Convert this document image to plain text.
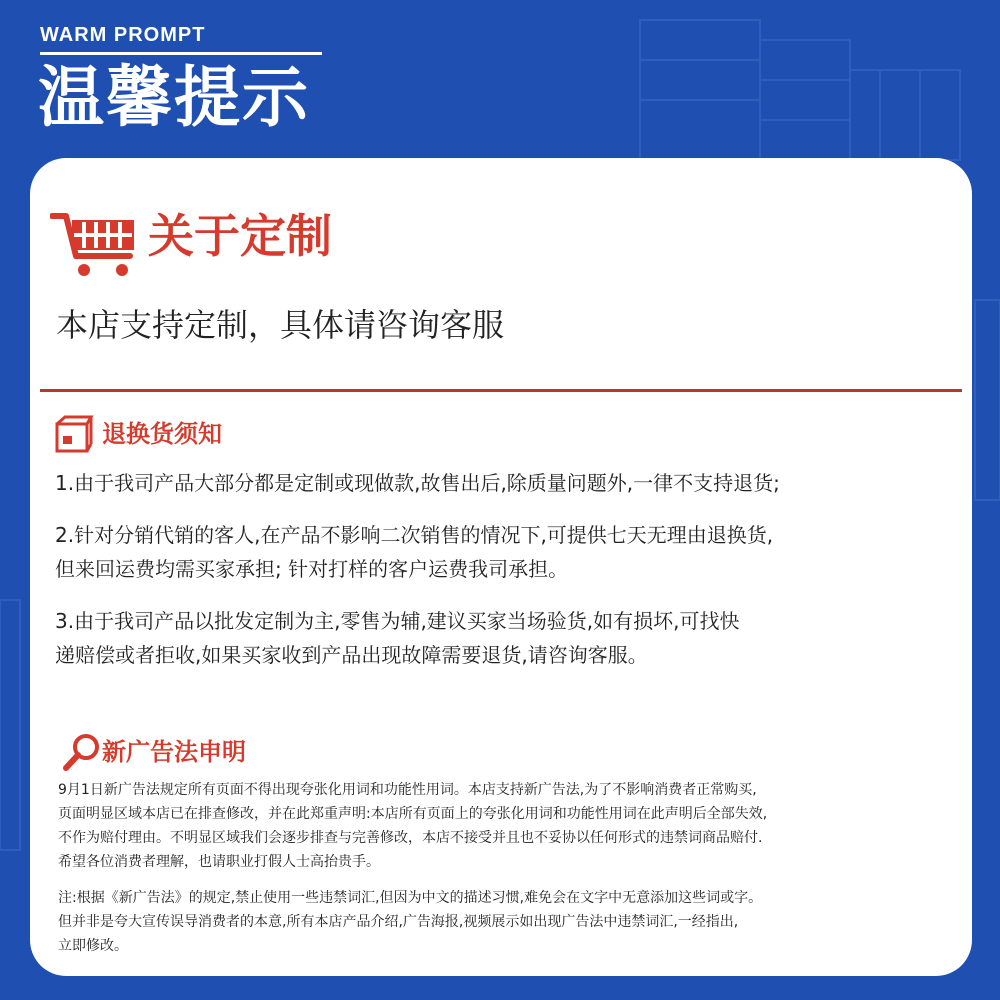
WARM PROMPT
温馨提示
关于定制
本店支持定制，具体请咨询客服
退换货须知
1.由于我司产品大部分都是定制或现做款,故售出后,除质量问题外,一律不支持退货;
2.针对分销代销的客人,在产品不影响二次销售的情况下,可提供七天无理由退换货,
但来回运费均需买家承担; 针对打样的客户运费我司承担。
3.由于我司产品以批发定制为主,零售为辅,建议买家当场验货,如有损坏,可找快
递赔偿或者拒收,如果买家收到产品出现故障需要退货,请咨询客服。
新广告法申明
9月1日新广告法规定所有页面不得出现夸张化用词和功能性用词。本店支持新广告法,为了不影响消费者正常购买,
页面明显区域本店已在排查修改，并在此郑重声明:本店所有页面上的夸张化用词和功能性用词在此声明后全部失效,
不作为赔付理由。不明显区域我们会逐步排查与完善修改，本店不接受并且也不妥协以任何形式的违禁词商品赔付.
希望各位消费者理解，也请职业打假人士高抬贵手。
注:根据《新广告法》的规定,禁止使用一些违禁词汇,但因为中文的描述习惯,难免会在文字中无意添加这些词或字。
但并非是夸大宣传误导消费者的本意,所有本店产品介绍,广告海报,视频展示如出现广告法中违禁词汇,一经指出,
立即修改。
